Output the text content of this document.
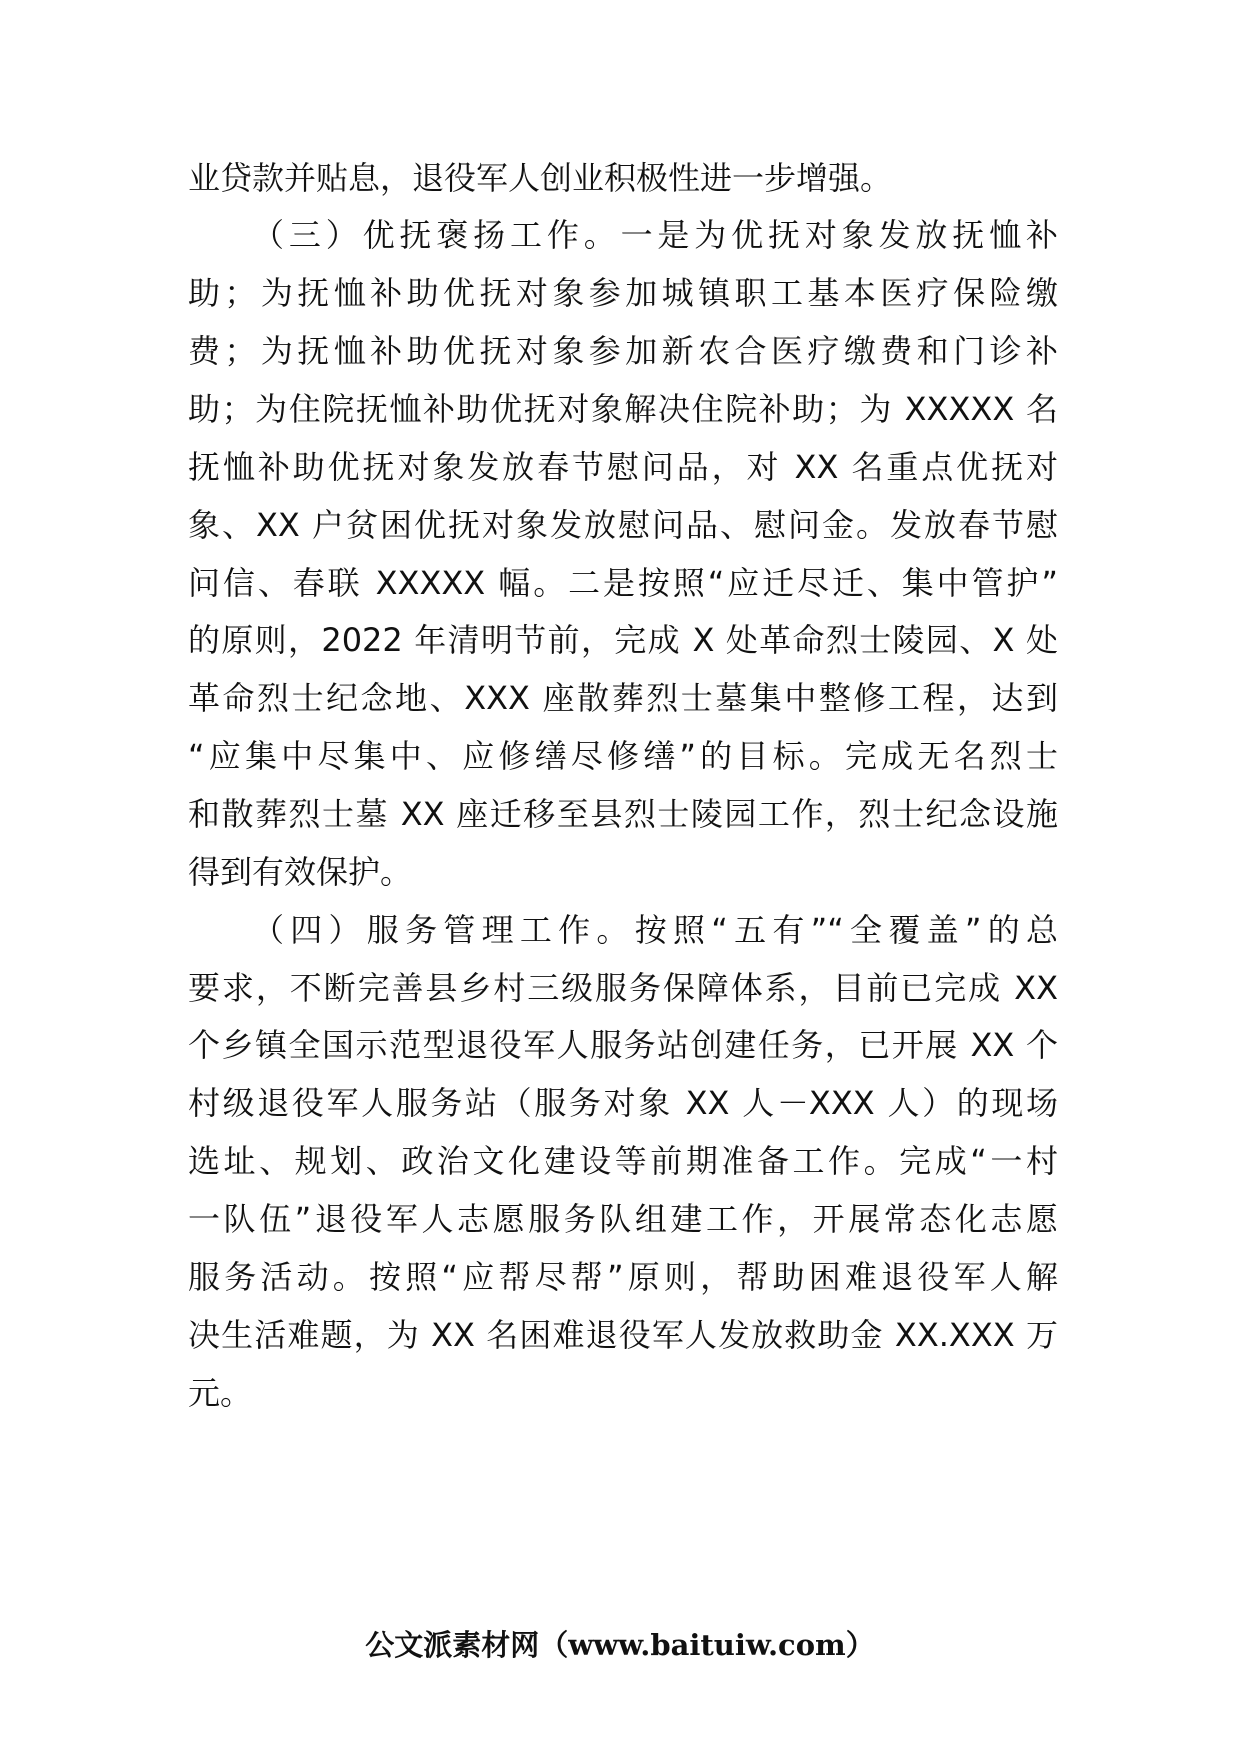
业贷款并贴息，退役军人创业积极性进一步增强。
（三）优抚褒扬工作。一是为优抚对象发放抚恤补
助；为抚恤补助优抚对象参加城镇职工基本医疗保险缴
费；为抚恤补助优抚对象参加新农合医疗缴费和门诊补
助；为住院抚恤补助优抚对象解决住院补助；为 XXXXX 名
抚恤补助优抚对象发放春节慰问品，对 XX 名重点优抚对
象、XX 户贫困优抚对象发放慰问品、慰问金。发放春节慰
问信、春联 XXXXX 幅。二是按照“应迁尽迁、集中管护”
的原则，2022 年清明节前，完成 X 处革命烈士陵园、X 处
革命烈士纪念地、XXX 座散葬烈士墓集中整修工程，达到
“应集中尽集中、应修缮尽修缮”的目标。完成无名烈士
和散葬烈士墓 XX 座迁移至县烈士陵园工作，烈士纪念设施
得到有效保护。
（四）服务管理工作。按照“五有”“全覆盖”的总
要求，不断完善县乡村三级服务保障体系，目前已完成 XX
个乡镇全国示范型退役军人服务站创建任务，已开展 XX 个
村级退役军人服务站（服务对象 XX 人－XXX 人）的现场
选址、规划、政治文化建设等前期准备工作。完成“一村
一队伍”退役军人志愿服务队组建工作，开展常态化志愿
服务活动。按照“应帮尽帮”原则，帮助困难退役军人解
决生活难题，为 XX 名困难退役军人发放救助金 XX.XXX 万
元。
公文派素材网（www.baituiw.com）
